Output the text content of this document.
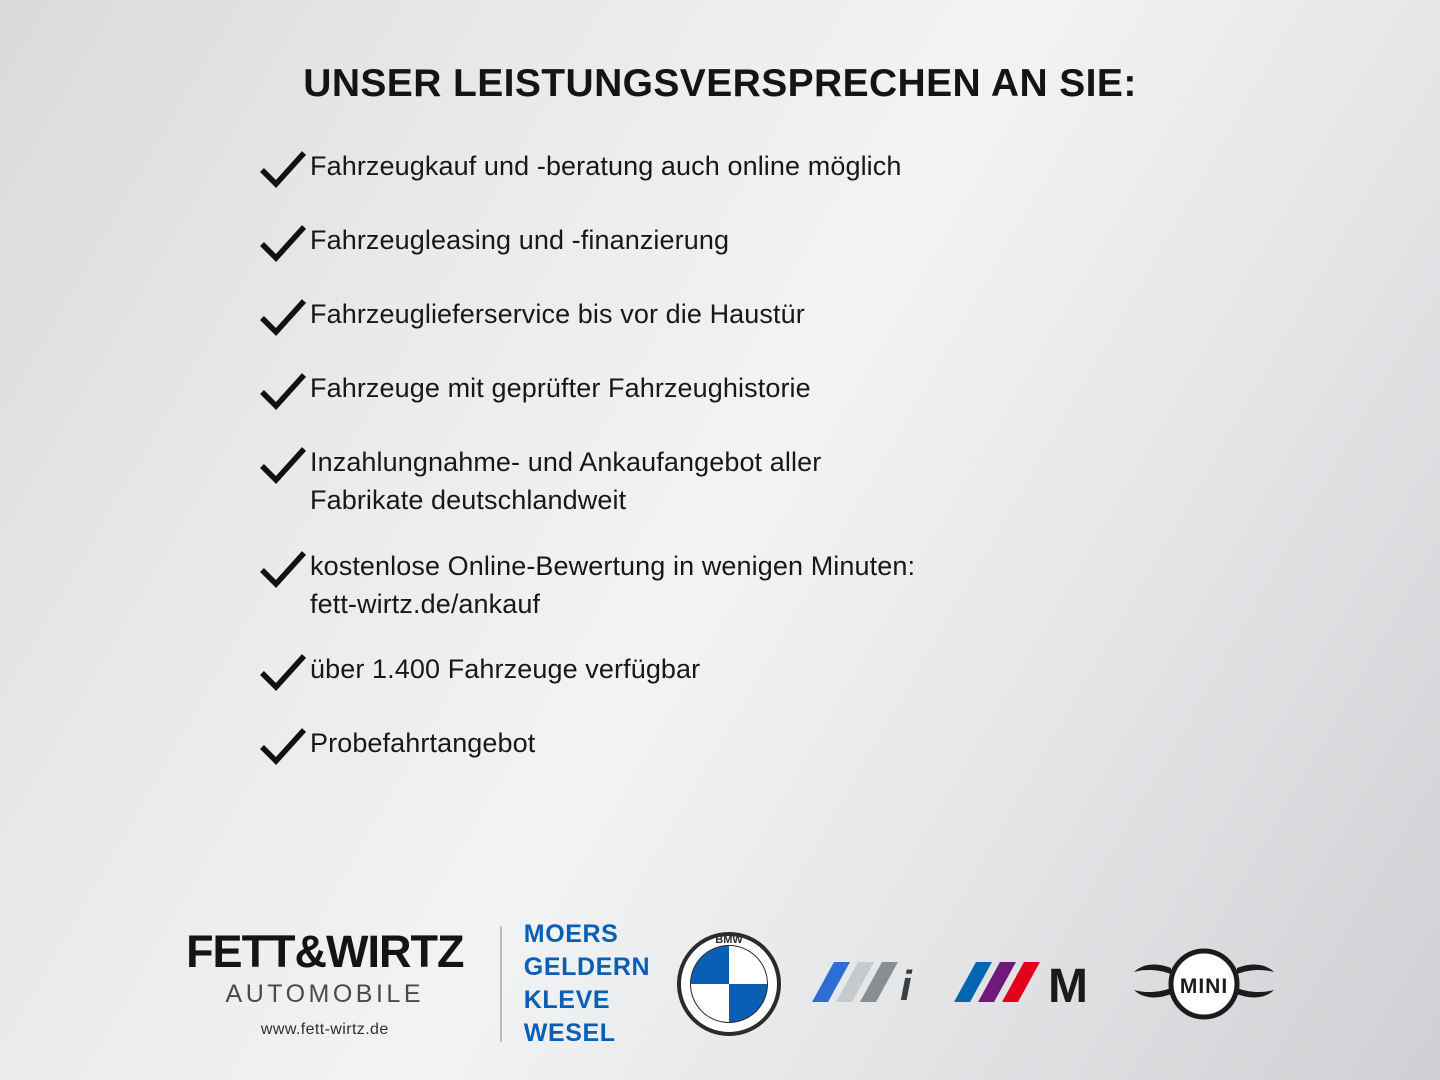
UNSER LEISTUNGSVERSPRECHEN AN SIE:
Fahrzeugkauf und -beratung auch online möglich
Fahrzeugleasing und -finanzierung
Fahrzeuglieferservice bis vor die Haustür
Fahrzeuge mit geprüfter Fahrzeughistorie
Inzahlungnahme- und Ankaufangebot aller
Fabrikate deutschlandweit
kostenlose Online-Bewertung in wenigen Minuten:
fett-wirtz.de/ankauf
über 1.400 Fahrzeuge verfügbar
Probefahrtangebot
FETT&WIRTZ
AUTOMOBILE
www.fett-wirtz.de
MOERS
GELDERN
KLEVE
WESEL
BMW
i	M	MINI
